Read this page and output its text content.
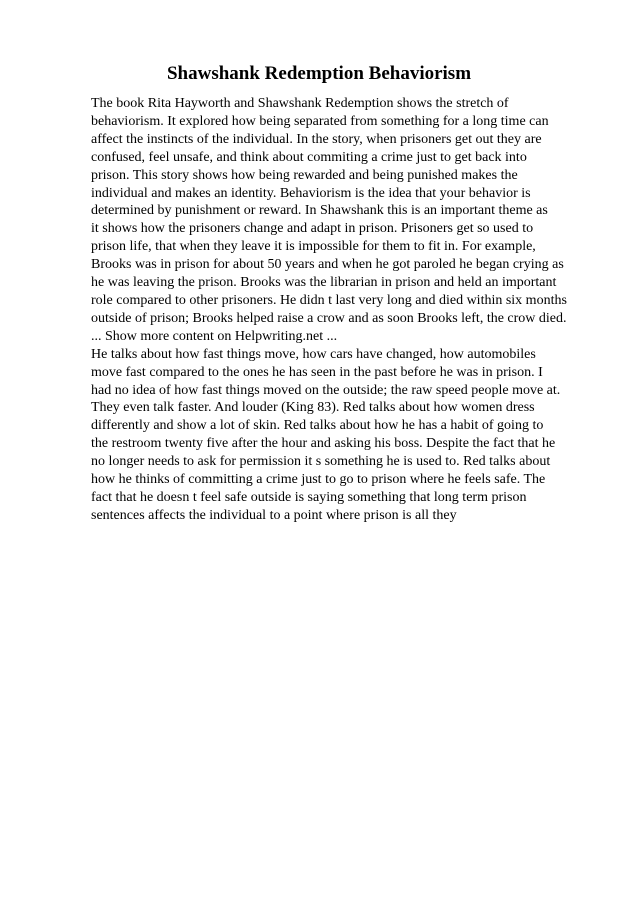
Shawshank Redemption Behaviorism
The book Rita Hayworth and Shawshank Redemption shows the stretch of
behaviorism. It explored how being separated from something for a long time can
affect the instincts of the individual. In the story, when prisoners get out they are
confused, feel unsafe, and think about commiting a crime just to get back into
prison. This story shows how being rewarded and being punished makes the
individual and makes an identity. Behaviorism is the idea that your behavior is
determined by punishment or reward. In Shawshank this is an important theme as
it shows how the prisoners change and adapt in prison. Prisoners get so used to
prison life, that when they leave it is impossible for them to fit in. For example,
Brooks was in prison for about 50 years and when he got paroled he began crying as
he was leaving the prison. Brooks was the librarian in prison and held an important
role compared to other prisoners. He didn t last very long and died within six months
outside of prison; Brooks helped raise a crow and as soon Brooks left, the crow died.
... Show more content on Helpwriting.net ...
He talks about how fast things move, how cars have changed, how automobiles
move fast compared to the ones he has seen in the past before he was in prison. I
had no idea of how fast things moved on the outside; the raw speed people move at.
They even talk faster. And louder (King 83). Red talks about how women dress
differently and show a lot of skin. Red talks about how he has a habit of going to
the restroom twenty five after the hour and asking his boss. Despite the fact that he
no longer needs to ask for permission it s something he is used to. Red talks about
how he thinks of committing a crime just to go to prison where he feels safe. The
fact that he doesn t feel safe outside is saying something that long term prison
sentences affects the individual to a point where prison is all they
